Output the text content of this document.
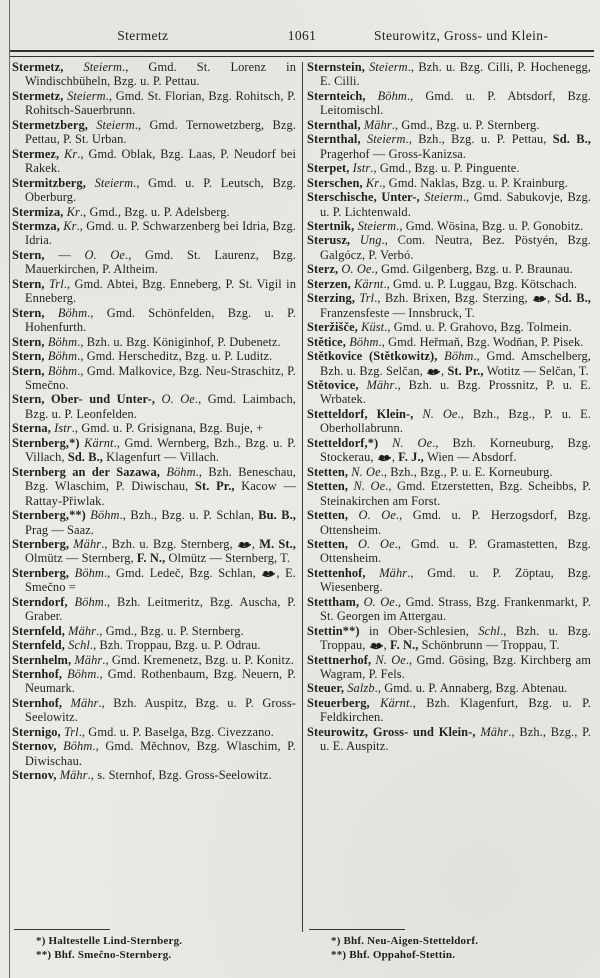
Stermetz	1061	Steurowitz, Gross- und Klein-
Stermetz, Steierm., Gmd. St. Lorenz in Windischbüheln, Bzg. u. P. Pettau.
Stermetz, Steierm., Gmd. St. Florian, Bzg. Rohitsch, P. Rohitsch-Sauerbrunn.
Stermetzberg, Steierm., Gmd. Ternowetzberg, Bzg. Pettau, P. St. Urban.
Stermez, Kr., Gmd. Oblak, Bzg. Laas, P. Neudorf bei Rakek.
Stermitzberg, Steierm., Gmd. u. P. Leutsch, Bzg. Oberburg.
Stermiza, Kr., Gmd., Bzg. u. P. Adelsberg.
Stermza, Kr., Gmd. u. P. Schwarzenberg bei Idria, Bzg. Idria.
Stern, — O. Oe., Gmd. St. Laurenz, Bzg. Mauerkirchen, P. Altheim.
Stern, Trl., Gmd. Abtei, Bzg. Enneberg, P. St. Vigil in Enneberg.
Stern, Böhm., Gmd. Schönfelden, Bzg. u. P. Hohenfurth.
Stern, Böhm., Bzh. u. Bzg. Königinhof, P. Dubenetz.
Stern, Böhm., Gmd. Herscheditz, Bzg. u. P. Luditz.
Stern, Böhm., Gmd. Malkovice, Bzg. Neu-Straschitz, P. Smečno.
Stern, Ober- und Unter-, O. Oe., Gmd. Laimbach, Bzg. u. P. Leonfelden.
Sterna, Istr., Gmd. u. P. Grisignana, Bzg. Buje, +
Sternberg,*) Kärnt., Gmd. Wernberg, Bzh., Bzg. u. P. Villach, Sd. B., Klagenfurt — Villach.
Sternberg an der Sazawa, Böhm., Bzh. Beneschau, Bzg. Wlaschim, P. Diwischau, St. Pr., Kacow — Rattay-Přiwlak.
Sternberg,**) Böhm., Bzh., Bzg. u. P. Schlan, Bu. B., Prag — Saaz.
Sternberg, Mähr., Bzh. u. Bzg. Sternberg,
, M. St., Olmütz — Sternberg, F. N., Olmütz — Sternberg, T.
Sternberg, Böhm., Gmd. Ledeč, Bzg. Schlan,
, E. Smečno =
Sterndorf, Böhm., Bzh. Leitmeritz, Bzg. Auscha, P. Graber.
Sternfeld, Mähr., Gmd., Bzg. u. P. Sternberg.
Sternfeld, Schl., Bzh. Troppau, Bzg. u. P. Odrau.
Sternhelm, Mähr., Gmd. Kremenetz, Bzg. u. P. Konitz.
Sternhof, Böhm., Gmd. Rothenbaum, Bzg. Neuern, P. Neumark.
Sternhof, Mähr., Bzh. Auspitz, Bzg. u. P. Gross-Seelowitz.
Sternigo, Trl., Gmd. u. P. Baselga, Bzg. Civezzano.
Sternov, Böhm., Gmd. Měchnov, Bzg. Wlaschim, P. Diwischau.
Sternov, Mähr., s. Sternhof, Bzg. Gross-Seelowitz.
*) Haltestelle Lind-Sternberg.
**) Bhf. Smečno-Sternberg.
Sternstein, Steierm., Bzh. u. Bzg. Cilli, P. Hochenegg, E. Cilli.
Sternteich, Böhm., Gmd. u. P. Abtsdorf, Bzg. Leitomischl.
Sternthal, Mähr., Gmd., Bzg. u. P. Sternberg.
Sternthal, Steierm., Bzh., Bzg. u. P. Pettau, Sd. B., Pragerhof — Gross-Kanizsa.
Sterpet, Istr., Gmd., Bzg. u. P. Pinguente.
Sterschen, Kr., Gmd. Naklas, Bzg. u. P. Krainburg.
Sterschische, Unter-, Steierm., Gmd. Sabukovje, Bzg. u. P. Lichtenwald.
Stertnik, Steierm., Gmd. Wösina, Bzg. u. P. Gonobitz.
Sterusz, Ung., Com. Neutra, Bez. Pöstyén, Bzg. Galgócz, P. Verbó.
Sterz, O. Oe., Gmd. Gilgenberg, Bzg. u. P. Braunau.
Sterzen, Kärnt., Gmd. u. P. Luggau, Bzg. Kötschach.
Sterzing, Trl., Bzh. Brixen, Bzg. Sterzing,
, Sd. B., Franzensfeste — Innsbruck, T.
Steržišče, Küst., Gmd. u. P. Grahovo, Bzg. Tolmein.
Stětice, Böhm., Gmd. Heřmaň, Bzg. Wodňan, P. Pisek.
Stětkovice (Stětkowitz), Böhm., Gmd. Amschelberg, Bzh. u. Bzg. Selčan,
, St. Pr., Wotitz — Selčan, T.
Stětovice, Mähr., Bzh. u. Bzg. Prossnitz, P. u. E. Wrbatek.
Stetteldorf, Klein-, N. Oe., Bzh., Bzg., P. u. E. Oberhollabrunn.
Stetteldorf,*) N. Oe., Bzh. Korneuburg, Bzg. Stockerau,
, F. J., Wien — Absdorf.
Stetten, N. Oe., Bzh., Bzg., P. u. E. Korneuburg.
Stetten, N. Oe., Gmd. Etzerstetten, Bzg. Scheibbs, P. Steinakirchen am Forst.
Stetten, O. Oe., Gmd. u. P. Herzogsdorf, Bzg. Ottensheim.
Stetten, O. Oe., Gmd. u. P. Gramastetten, Bzg. Ottensheim.
Stettenhof, Mähr., Gmd. u. P. Zöptau, Bzg. Wiesenberg.
Stettham, O. Oe., Gmd. Strass, Bzg. Frankenmarkt, P. St. Georgen im Attergau.
Stettin**) in Ober-Schlesien, Schl., Bzh. u. Bzg. Troppau,
, F. N., Schönbrunn — Troppau, T.
Stettnerhof, N. Oe., Gmd. Gösing, Bzg. Kirchberg am Wagram, P. Fels.
Steuer, Salzb., Gmd. u. P. Annaberg, Bzg. Abtenau.
Steuerberg, Kärnt., Bzh. Klagenfurt, Bzg. u. P. Feldkirchen.
Steurowitz, Gross- und Klein-, Mähr., Bzh., Bzg., P. u. E. Auspitz.
*) Bhf. Neu-Aigen-Stetteldorf.
**) Bhf. Oppahof-Stettin.
